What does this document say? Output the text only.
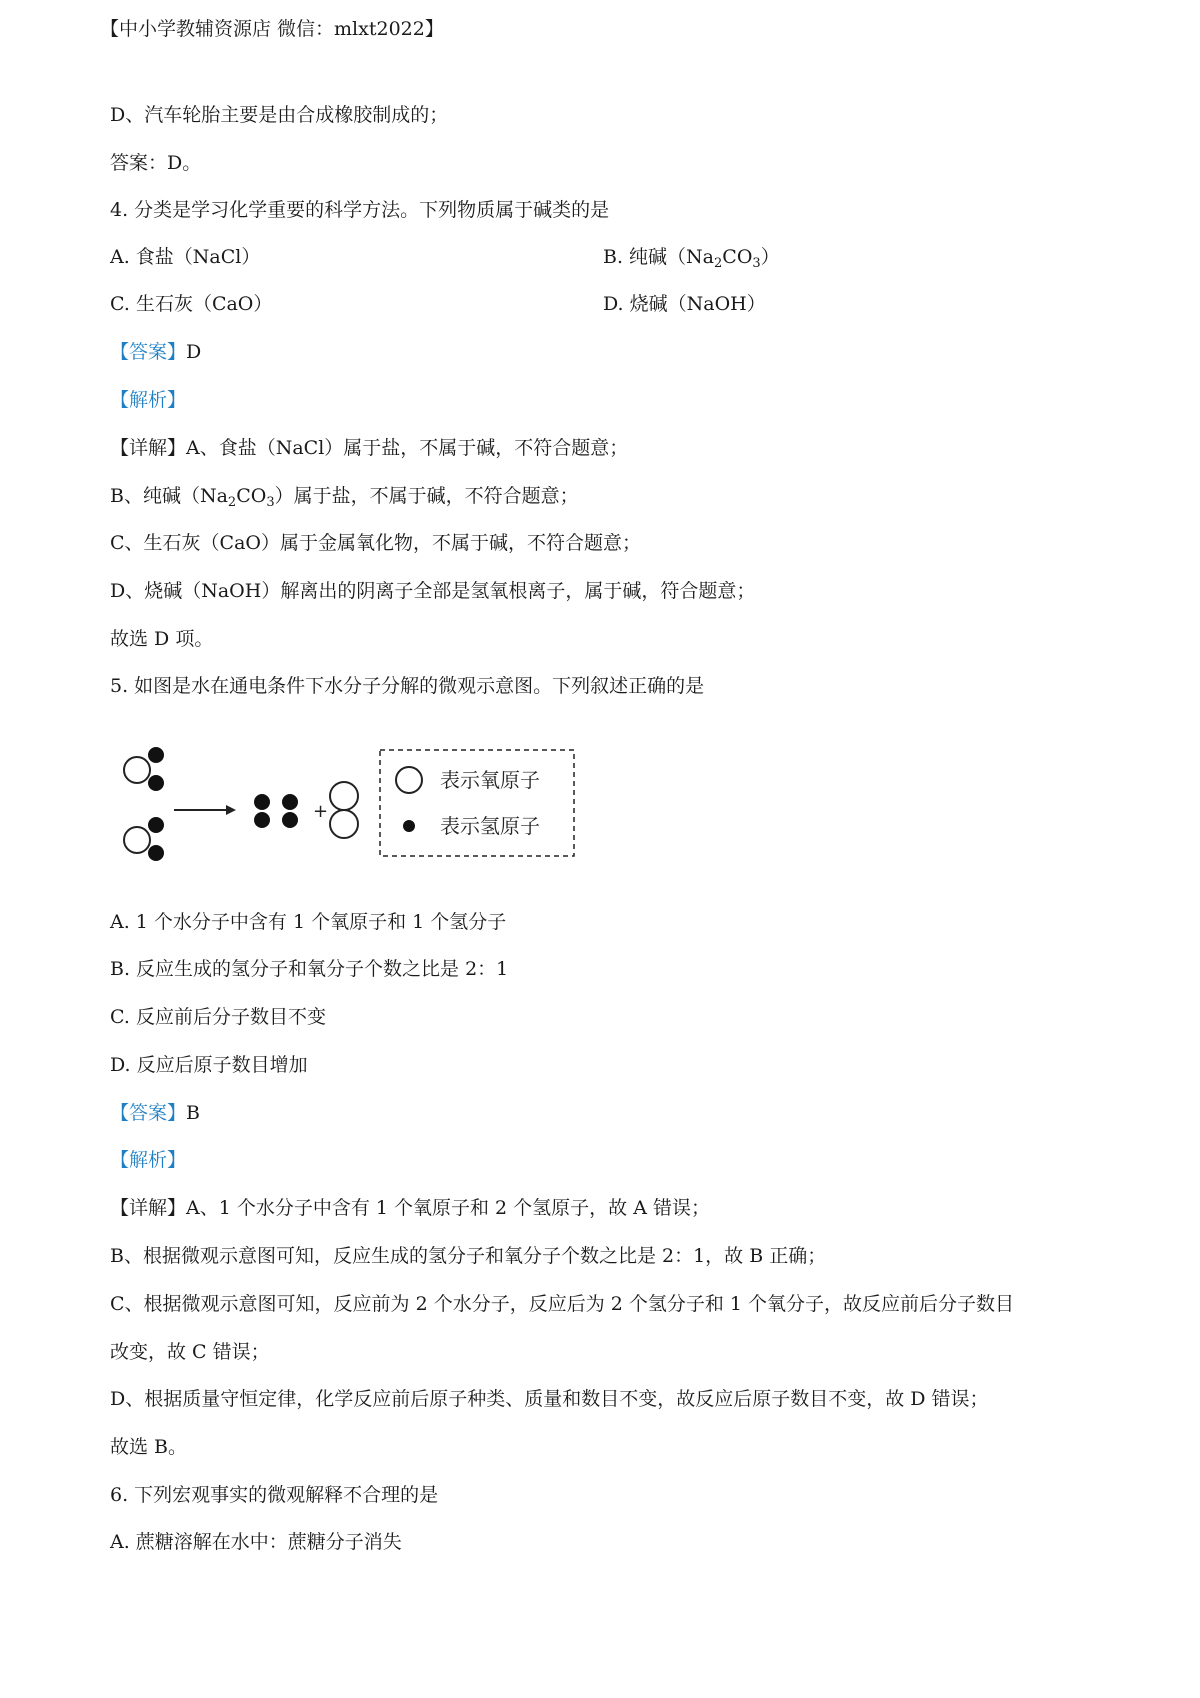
【中小学教辅资源店 微信：mlxt2022】
D、汽车轮胎主要是由合成橡胶制成的；
答案：D。
4. 分类是学习化学重要的科学方法。下列物质属于碱类的是
A. 食盐（NaCl）	B. 纯碱$(Na_2CO_3)$
C. 生石灰（CaO）	D. 烧碱（NaOH）
【答案】D
【解析】
【详解】A、食盐（NaCl）属于盐，不属于碱，不符合题意；
B、纯碱$(Na_2CO_3)$属于盐，不属于碱，不符合题意；
C、生石灰（CaO）属于金属氧化物，不属于碱，不符合题意；
D、烧碱（NaOH）解离出的阴离子全部是氢氧根离子，属于碱，符合题意；
故选 D 项。
5. 如图是水在通电条件下水分子分解的微观示意图。下列叙述正确的是
+
表示氧原子
表示氢原子
A. 1 个水分子中含有 1 个氧原子和 1 个氢分子
B. 反应生成的氢分子和氧分子个数之比是 2：1
C. 反应前后分子数目不变
D. 反应后原子数目增加
【答案】B
【解析】
【详解】A、1 个水分子中含有 1 个氧原子和 2 个氢原子，故 A 错误；
B、根据微观示意图可知，反应生成的氢分子和氧分子个数之比是 2：1，故 B 正确；
C、根据微观示意图可知，反应前为 2 个水分子，反应后为 2 个氢分子和 1 个氧分子，故反应前后分子数目
改变，故 C 错误；
D、根据质量守恒定律，化学反应前后原子种类、质量和数目不变，故反应后原子数目不变，故 D 错误；
故选 B。
6. 下列宏观事实的微观解释不合理的是
A. 蔗糖溶解在水中：蔗糖分子消失
